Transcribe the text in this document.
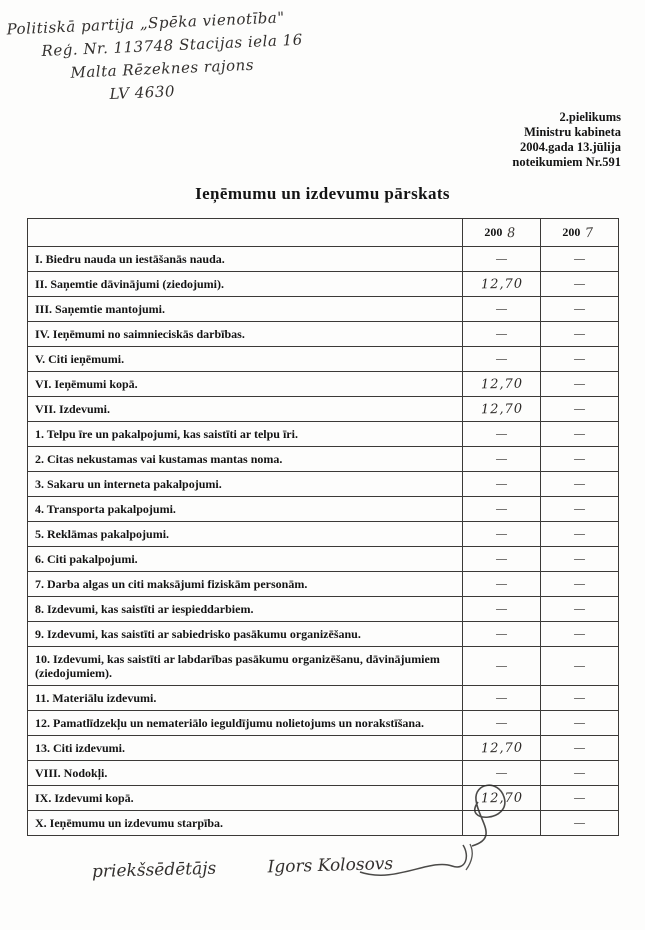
Politiskā partija „Spēka vienotība"
Reģ. Nr. 113748 Stacijas iela 16
Malta Rēzeknes rajons
LV 4630
2.pielikums
Ministru kabineta
2004.gada 13.jūlija
noteikumiem Nr.591
Ieņēmumu un izdevumu pārskats
	200 8	200 7
I. Biedru nauda un iestāšanās nauda.	—	—
II. Saņemtie dāvinājumi (ziedojumi).	12,70	—
III. Saņemtie mantojumi.	—	—
IV. Ieņēmumi no saimnieciskās darbības.	—	—
V. Citi ieņēmumi.	—	—
VI. Ieņēmumi kopā.	12,70	—
VII. Izdevumi.	12,70	—
1. Telpu īre un pakalpojumi, kas saistīti ar telpu īri.	—	—
2. Citas nekustamas vai kustamas mantas noma.	—	—
3. Sakaru un interneta pakalpojumi.	—	—
4. Transporta pakalpojumi.	—	—
5. Reklāmas pakalpojumi.	—	—
6. Citi pakalpojumi.	—	—
7. Darba algas un citi maksājumi fiziskām personām.	—	—
8. Izdevumi, kas saistīti ar iespieddarbiem.	—	—
9. Izdevumi, kas saistīti ar sabiedrisko pasākumu organizēšanu.	—	—
10. Izdevumi, kas saistīti ar labdarības pasākumu organizēšanu, dāvinājumiem (ziedojumiem).	—	—
11. Materiālu izdevumi.	—	—
12. Pamatlīdzekļu un nemateriālo ieguldījumu nolietojums un norakstīšana.	—	—
13. Citi izdevumi.	12,70	—
VIII. Nodokļi.	—	—
IX. Izdevumi kopā.	12,70	—
X. Ieņēmumu un izdevumu starpība.		—
priekšsēdētājs	Igors Kolosovs
